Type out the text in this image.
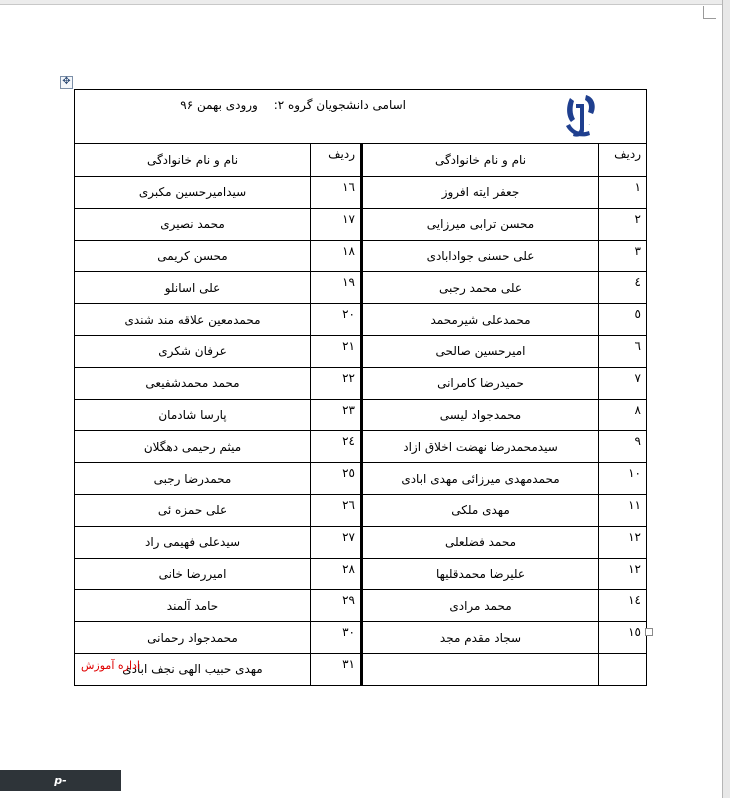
✥
·
اسامی دانشجویان گروه ۲: ورودی بهمن ۹۶			

ردیف	نام و نام خانوادگی	ردیف	نام و نام خانوادگی
۱	جعفر ایته افروز	۱٦	سیدامیرحسین مکبری
۲	محسن ترابی میرزایی	۱۷	محمد نصیری
۳	علی حسنی جوادابادی	۱۸	محسن کریمی
٤	علی محمد رجبی	۱۹	علی اسانلو
٥	محمدعلی شیرمحمد	۲۰	محمدمعین علاقه مند شندی
٦	امیرحسین صالحی	۲۱	عرفان شکری
۷	حمیدرضا کامرانی	۲۲	محمد محمدشفیعی
۸	محمدجواد لیسی	۲۳	پارسا شادمان
۹	سیدمحمدرضا نهضت اخلاق ازاد	۲٤	میثم رحیمی دهگلان
۱۰	محمدمهدی میرزائی مهدی ابادی	۲٥	محمدرضا رجبی
۱۱	مهدی ملکی	۲٦	علی حمزه ئی
۱۲	محمد فضلعلی	۲۷	سیدعلی فهیمی راد
۱۲	علیرضا محمدقلیها	۲۸	امیررضا خانی
۱٤	محمد مرادی	۲۹	حامد آلمند
۱٥	سجاد مقدم مجد	۳۰	محمدجواد رحمانی
		۳۱	مهدی حبیب الهی نجف ابادی
اداره آموزش
p-safadasht.tvu.ac.ir
